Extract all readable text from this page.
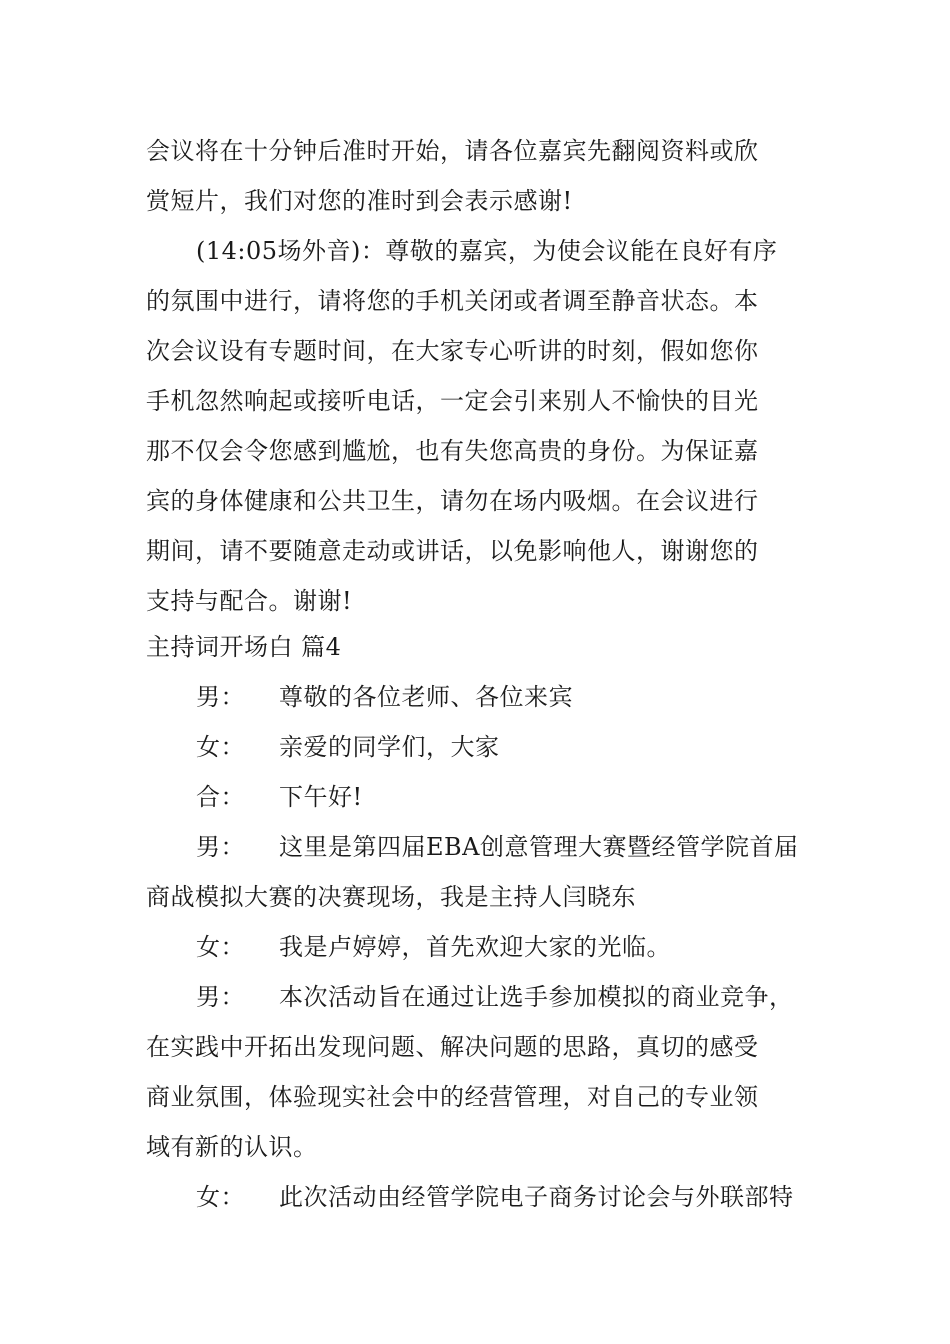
会议将在十分钟后准时开始，请各位嘉宾先翻阅资料或欣
赏短片，我们对您的准时到会表示感谢!
(14:05场外音)：尊敬的嘉宾，为使会议能在良好有序
的氛围中进行，请将您的手机关闭或者调至静音状态。本
次会议设有专题时间，在大家专心听讲的时刻，假如您你
手机忽然响起或接听电话，一定会引来别人不愉快的目光
那不仅会令您感到尴尬，也有失您高贵的身份。为保证嘉
宾的身体健康和公共卫生，请勿在场内吸烟。在会议进行
期间，请不要随意走动或讲话，以免影响他人，谢谢您的
支持与配合。谢谢!
主持词开场白 篇4
男： 尊敬的各位老师、各位来宾
女： 亲爱的同学们，大家
合： 下午好!
男： 这里是第四届EBA创意管理大赛暨经管学院首届
商战模拟大赛的决赛现场，我是主持人闫晓东
女： 我是卢婷婷，首先欢迎大家的光临。
男： 本次活动旨在通过让选手参加模拟的商业竞争，
在实践中开拓出发现问题、解决问题的思路，真切的感受
商业氛围，体验现实社会中的经营管理，对自己的专业领
域有新的认识。
女： 此次活动由经管学院电子商务讨论会与外联部特
